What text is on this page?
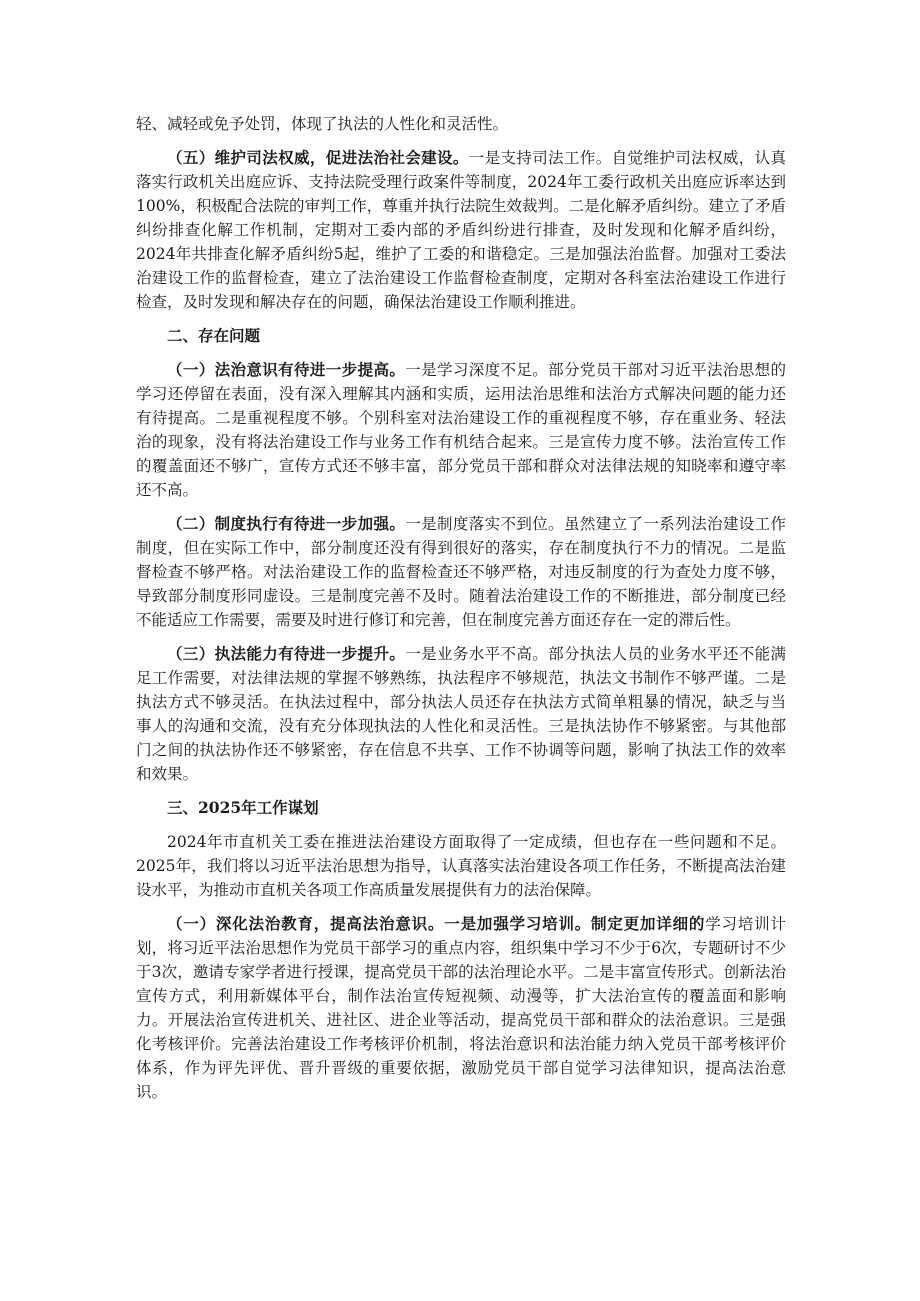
轻、减轻或免予处罚，体现了执法的人性化和灵活性。

（五）维护司法权威，促进法治社会建设。一是支持司法工作。自觉维护司法权威，认真落实行政机关出庭应诉、支持法院受理行政案件等制度，2024年工委行政机关出庭应诉率达到100%，积极配合法院的审判工作，尊重并执行法院生效裁判。二是化解矛盾纠纷。建立了矛盾纠纷排查化解工作机制，定期对工委内部的矛盾纠纷进行排查，及时发现和化解矛盾纠纷，2024年共排查化解矛盾纠纷5起，维护了工委的和谐稳定。三是加强法治监督。加强对工委法治建设工作的监督检查，建立了法治建设工作监督检查制度，定期对各科室法治建设工作进行检查，及时发现和解决存在的问题，确保法治建设工作顺利推进。

二、存在问题

（一）法治意识有待进一步提高。一是学习深度不足。部分党员干部对习近平法治思想的学习还停留在表面，没有深入理解其内涵和实质，运用法治思维和法治方式解决问题的能力还有待提高。二是重视程度不够。个别科室对法治建设工作的重视程度不够，存在重业务、轻法治的现象，没有将法治建设工作与业务工作有机结合起来。三是宣传力度不够。法治宣传工作的覆盖面还不够广，宣传方式还不够丰富，部分党员干部和群众对法律法规的知晓率和遵守率还不高。

（二）制度执行有待进一步加强。一是制度落实不到位。虽然建立了一系列法治建设工作制度，但在实际工作中，部分制度还没有得到很好的落实，存在制度执行不力的情况。二是监督检查不够严格。对法治建设工作的监督检查还不够严格，对违反制度的行为查处力度不够，导致部分制度形同虚设。三是制度完善不及时。随着法治建设工作的不断推进，部分制度已经不能适应工作需要，需要及时进行修订和完善，但在制度完善方面还存在一定的滞后性。

（三）执法能力有待进一步提升。一是业务水平不高。部分执法人员的业务水平还不能满足工作需要，对法律法规的掌握不够熟练，执法程序不够规范，执法文书制作不够严谨。二是执法方式不够灵活。在执法过程中，部分执法人员还存在执法方式简单粗暴的情况，缺乏与当事人的沟通和交流，没有充分体现执法的人性化和灵活性。三是执法协作不够紧密。与其他部门之间的执法协作还不够紧密，存在信息不共享、工作不协调等问题，影响了执法工作的效率和效果。

三、2025年工作谋划

2024年市直机关工委在推进法治建设方面取得了一定成绩，但也存在一些问题和不足。2025年，我们将以习近平法治思想为指导，认真落实法治建设各项工作任务，不断提高法治建设水平，为推动市直机关各项工作高质量发展提供有力的法治保障。

（一）深化法治教育，提高法治意识。一是加强学习培训。制定更加详细的学习培训计划，将习近平法治思想作为党员干部学习的重点内容，组织集中学习不少于6次，专题研讨不少于3次，邀请专家学者进行授课，提高党员干部的法治理论水平。二是丰富宣传形式。创新法治宣传方式，利用新媒体平台，制作法治宣传短视频、动漫等，扩大法治宣传的覆盖面和影响力。开展法治宣传进机关、进社区、进企业等活动，提高党员干部和群众的法治意识。三是强化考核评价。完善法治建设工作考核评价机制，将法治意识和法治能力纳入党员干部考核评价体系，作为评先评优、晋升晋级的重要依据，激励党员干部自觉学习法律知识，提高法治意识。
